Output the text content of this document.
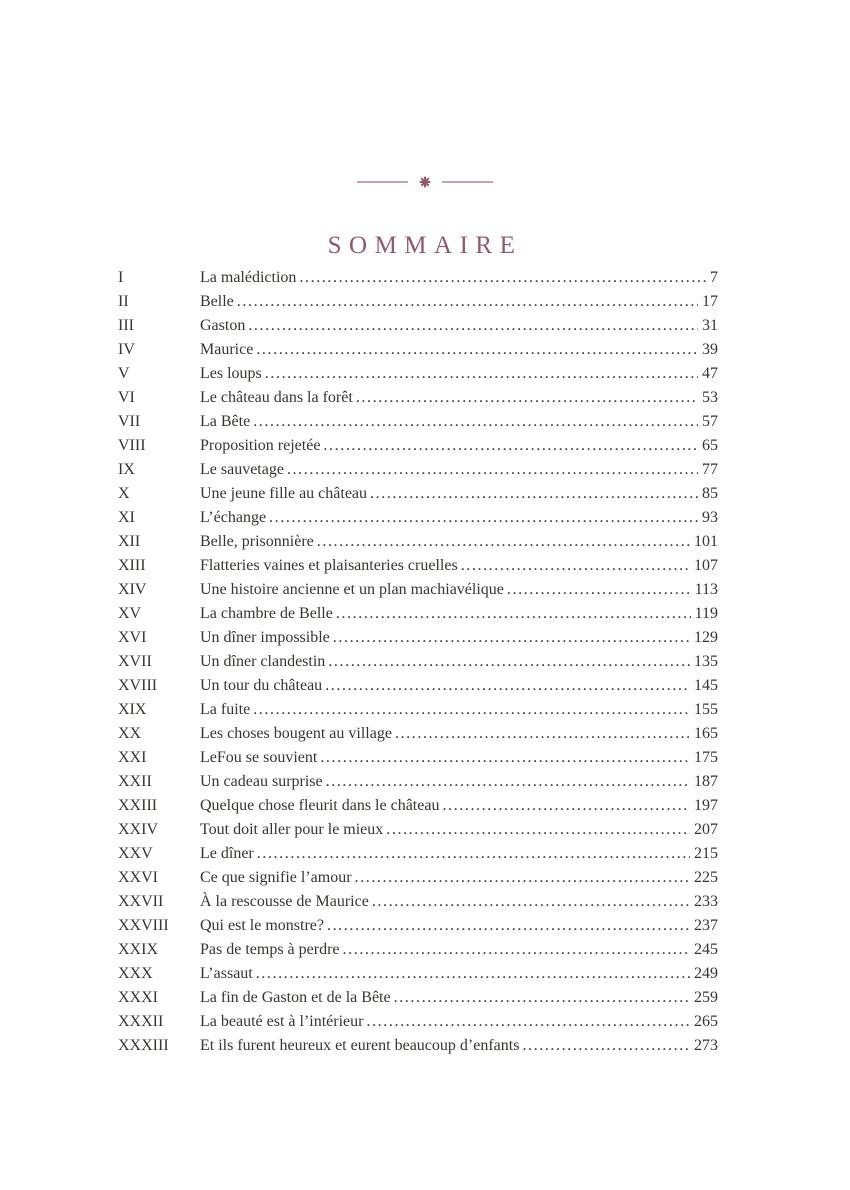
SOMMAIRE
I	La malédiction .....	7
II	Belle .....	17
III	Gaston .....	31
IV	Maurice .....	39
V	Les loups .....	47
VI	Le château dans la forêt .....	53
VII	La Bête .....	57
VIII	Proposition rejetée .....	65
IX	Le sauvetage .....	77
X	Une jeune fille au château .....	85
XI	L’échange .....	93
XII	Belle, prisonnière .....	101
XIII	Flatteries vaines et plaisanteries cruelles .....	107
XIV	Une histoire ancienne et un plan machiavélique .....	113
XV	La chambre de Belle .....	119
XVI	Un dîner impossible .....	129
XVII	Un dîner clandestin .....	135
XVIII	Un tour du château .....	145
XIX	La fuite .....	155
XX	Les choses bougent au village .....	165
XXI	LeFou se souvient .....	175
XXII	Un cadeau surprise .....	187
XXIII	Quelque chose fleurit dans le château .....	197
XXIV	Tout doit aller pour le mieux .....	207
XXV	Le dîner .....	215
XXVI	Ce que signifie l’amour .....	225
XXVII	À la rescousse de Maurice .....	233
XXVIII	Qui est le monstre? .....	237
XXIX	Pas de temps à perdre .....	245
XXX	L’assaut .....	249
XXXI	La fin de Gaston et de la Bête .....	259
XXXII	La beauté est à l’intérieur .....	265
XXXIII	Et ils furent heureux et eurent beaucoup d’enfants .....	273
